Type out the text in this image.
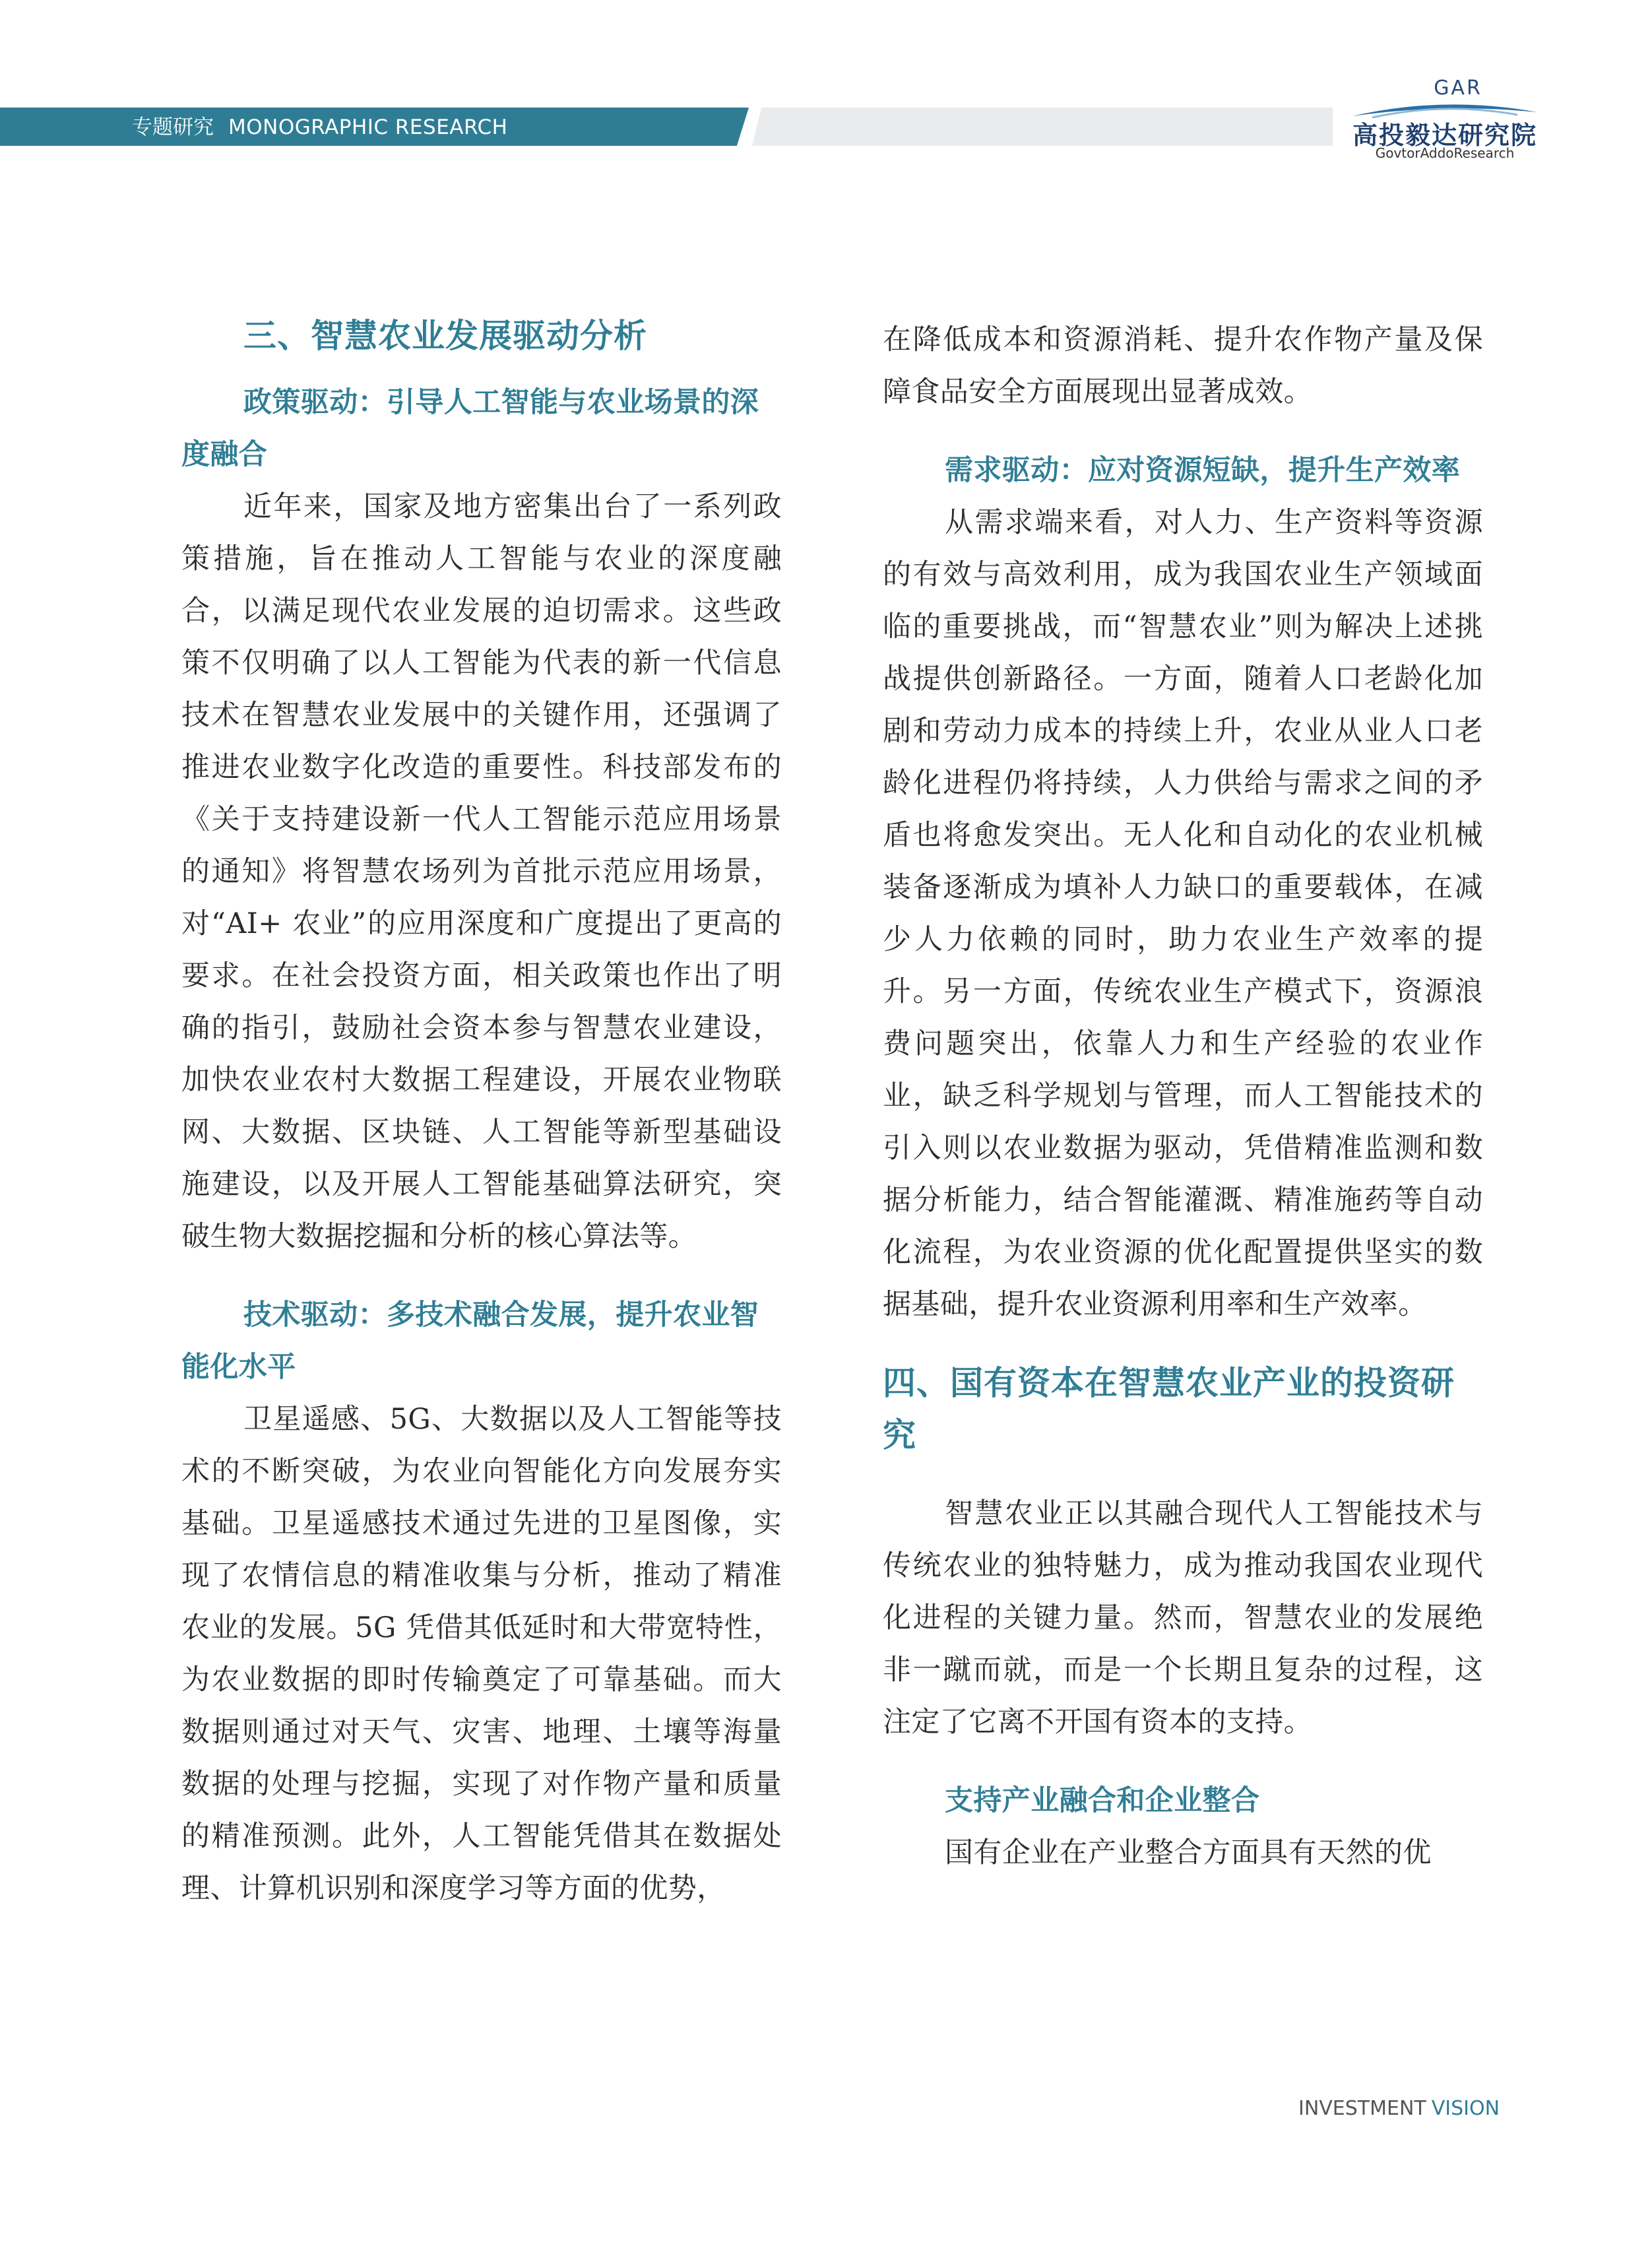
专题研究 MONOGRAPHIC RESEARCH
GAR
高投毅达研究院
GovtorAddoResearch
三、智慧农业发展驱动分析
政策驱动：引导人工智能与农业场景的深度融合

近年来，国家及地方密集出台了一系列政策措施，旨在推动人工智能与农业的深度融合，以满足现代农业发展的迫切需求。这些政策不仅明确了以人工智能为代表的新一代信息技术在智慧农业发展中的关键作用，还强调了推进农业数字化改造的重要性。科技部发布的《关于支持建设新一代人工智能示范应用场景的通知》将智慧农场列为首批示范应用场景，对“AI+ 农业”的应用深度和广度提出了更高的要求。在社会投资方面，相关政策也作出了明确的指引，鼓励社会资本参与智慧农业建设，加快农业农村大数据工程建设，开展农业物联网、大数据、区块链、人工智能等新型基础设施建设，以及开展人工智能基础算法研究，突破生物大数据挖掘和分析的核心算法等。

技术驱动：多技术融合发展，提升农业智能化水平

卫星遥感、5G、大数据以及人工智能等技术的不断突破，为农业向智能化方向发展夯实基础。卫星遥感技术通过先进的卫星图像，实现了农情信息的精准收集与分析，推动了精准农业的发展。5G 凭借其低延时和大带宽特性，为农业数据的即时传输奠定了可靠基础。而大数据则通过对天气、灾害、地理、土壤等海量数据的处理与挖掘，实现了对作物产量和质量的精准预测。此外，人工智能凭借其在数据处理、计算机识别和深度学习等方面的优势，

在降低成本和资源消耗、提升农作物产量及保障食品安全方面展现出显著成效。

需求驱动：应对资源短缺，提升生产效率

从需求端来看，对人力、生产资料等资源的有效与高效利用，成为我国农业生产领域面临的重要挑战，而“智慧农业”则为解决上述挑战提供创新路径。一方面，随着人口老龄化加剧和劳动力成本的持续上升，农业从业人口老龄化进程仍将持续，人力供给与需求之间的矛盾也将愈发突出。无人化和自动化的农业机械装备逐渐成为填补人力缺口的重要载体，在减少人力依赖的同时，助力农业生产效率的提升。另一方面，传统农业生产模式下，资源浪费问题突出，依靠人力和生产经验的农业作业，缺乏科学规划与管理，而人工智能技术的引入则以农业数据为驱动，凭借精准监测和数据分析能力，结合智能灌溉、精准施药等自动化流程，为农业资源的优化配置提供坚实的数据基础，提升农业资源利用率和生产效率。

四、国有资本在智慧农业产业的投资研究

智慧农业正以其融合现代人工智能技术与传统农业的独特魅力，成为推动我国农业现代化进程的关键力量。然而，智慧农业的发展绝非一蹴而就，而是一个长期且复杂的过程，这注定了它离不开国有资本的支持。

支持产业融合和企业整合

国有企业在产业整合方面具有天然的优

INVESTMENT VISION
